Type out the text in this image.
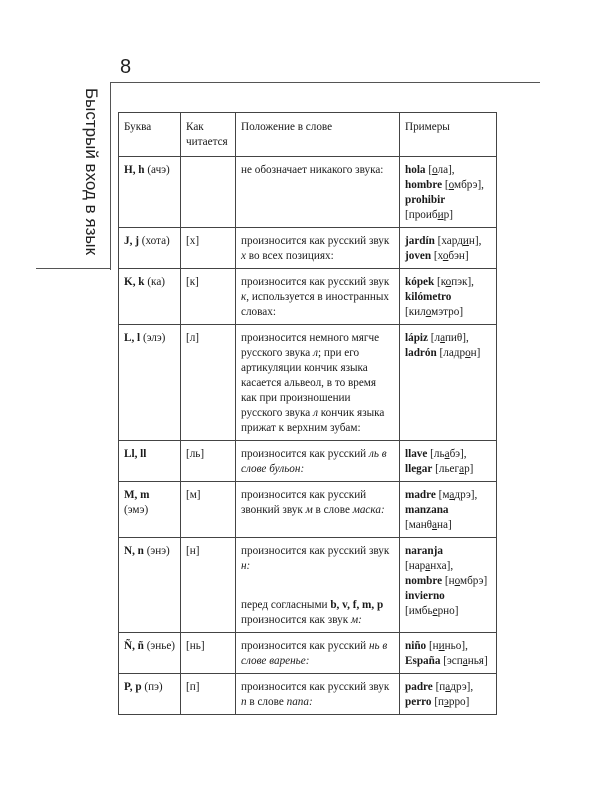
8
Быстрый вход в язык Буква	Как читается	Положение в слове	Примеры
H, h (ачэ)		не обозначает никакого звука:	hola [ола],
hombre [омбрэ],
prohibir [проибир]

J, j (хота)	[х]	произносится как русский звук х во всех позициях:	jardín [хардин],
joven [хобэн]

K, k (ка)	[к]	произносится как русский звук к, используется в иностранных словах:	kópek [копэк],
kilómetro [киломэтро]

L, l (элэ)	[л]	произносится немного мягче русского звука л; при его артикуляции кончик языка касается альвеол, в то время как при произношении русского звука л кончик языка прижат к верхним зубам:	lápiz [лапиθ],
ladrón [ладрон]

Ll, ll	[ль]	произносится как русский ль в слове бульон:	llave [льабэ],
llegar [льегар]

M, m (эмэ)	[м]	произносится как русский звонкий звук м в слове маска:	madre [мадрэ],
manzana [манθана]

N, n (энэ)	[н]	произносится как русский звук н:
перед согласными b, v, f, m, p произносится как звук м:	naranja [наранха],
nombre [номбрэ]
invierno [имбьерно]

Ñ, ñ (энье)	[нь]	произносится как русский нь в слове варенье:	niño [ниньо],
España [эспанья]

P, p (пэ)	[п]	произносится как русский звук п в слове папа:	padre [падрэ],
perro [пэрро]
